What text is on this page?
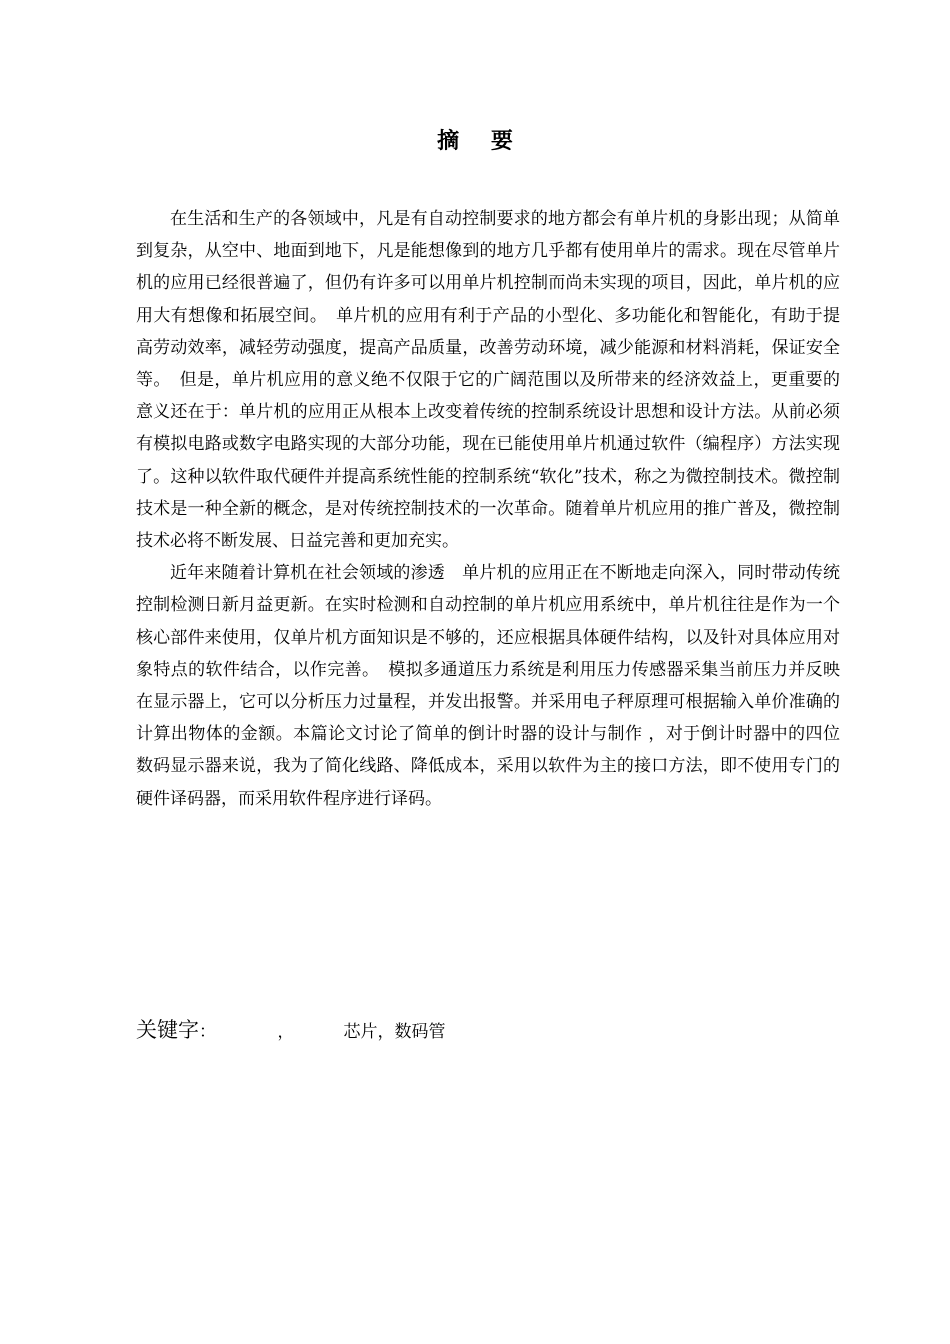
摘 要

在生活和生产的各领域中，凡是有自动控制要求的地方都会有单片机的身影出现；从简单到复杂，从空中、地面到地下，凡是能想像到的地方几乎都有使用单片的需求。现在尽管单片机的应用已经很普遍了，但仍有许多可以用单片机控制而尚未实现的项目，因此，单片机的应用大有想像和拓展空间。　单片机的应用有利于产品的小型化、多功能化和智能化，有助于提高劳动效率，减轻劳动强度，提高产品质量，改善劳动环境，减少能源和材料消耗，保证安全等。　但是，单片机应用的意义绝不仅限于它的广阔范围以及所带来的经济效益上，更重要的意义还在于：单片机的应用正从根本上改变着传统的控制系统设计思想和设计方法。从前必须有模拟电路或数字电路实现的大部分功能，现在已能使用单片机通过软件（编程序）方法实现了。这种以软件取代硬件并提高系统性能的控制系统“软化”技术，称之为微控制技术。微控制技术是一种全新的概念，是对传统控制技术的一次革命。随着单片机应用的推广普及，微控制技术必将不断发展、日益完善和更加充实。

近年来随着计算机在社会领域的渗透　单片机的应用正在不断地走向深入，同时带动传统控制检测日新月益更新。在实时检测和自动控制的单片机应用系统中，单片机往往是作为一个核心部件来使用，仅单片机方面知识是不够的，还应根据具体硬件结构，以及针对具体应用对象特点的软件结合，以作完善。　模拟多通道压力系统是利用压力传感器采集当前压力并反映在显示器上，它可以分析压力过量程，并发出报警。并采用电子秤原理可根据输入单价准确的计算出物体的金额。本篇论文讨论了简单的倒计时器的设计与制作 ，对于倒计时器中的四位　 数码显示器来说，我为了简化线路、降低成本，采用以软件为主的接口方法，即不使用专门的硬件译码器，而采用软件程序进行译码。

关键字：	，	芯片，数码管
